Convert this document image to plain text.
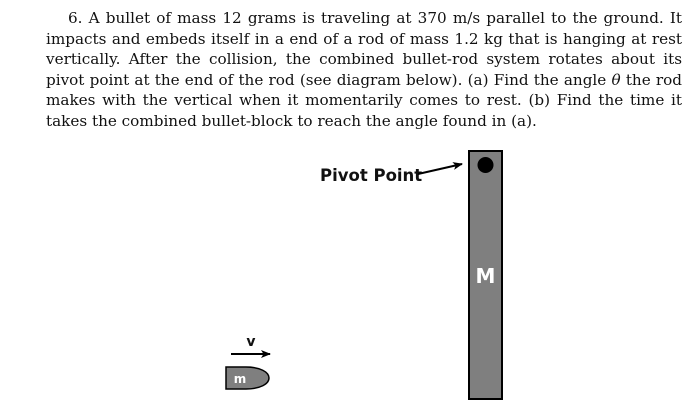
6. A bullet of mass 12 grams is traveling at 370 m/s parallel to the ground. It impacts and embeds itself in a end of a rod of mass 1.2 kg that is hanging at rest vertically. After the collision, the combined bullet-rod system rotates about its pivot point at the end of the rod (see diagram below). (a) Find the angle θ the rod makes with the vertical when it momentarily comes to rest. (b) Find the time it takes the combined bullet-block to reach the angle found in (a).

M
Pivot Point
v
m
